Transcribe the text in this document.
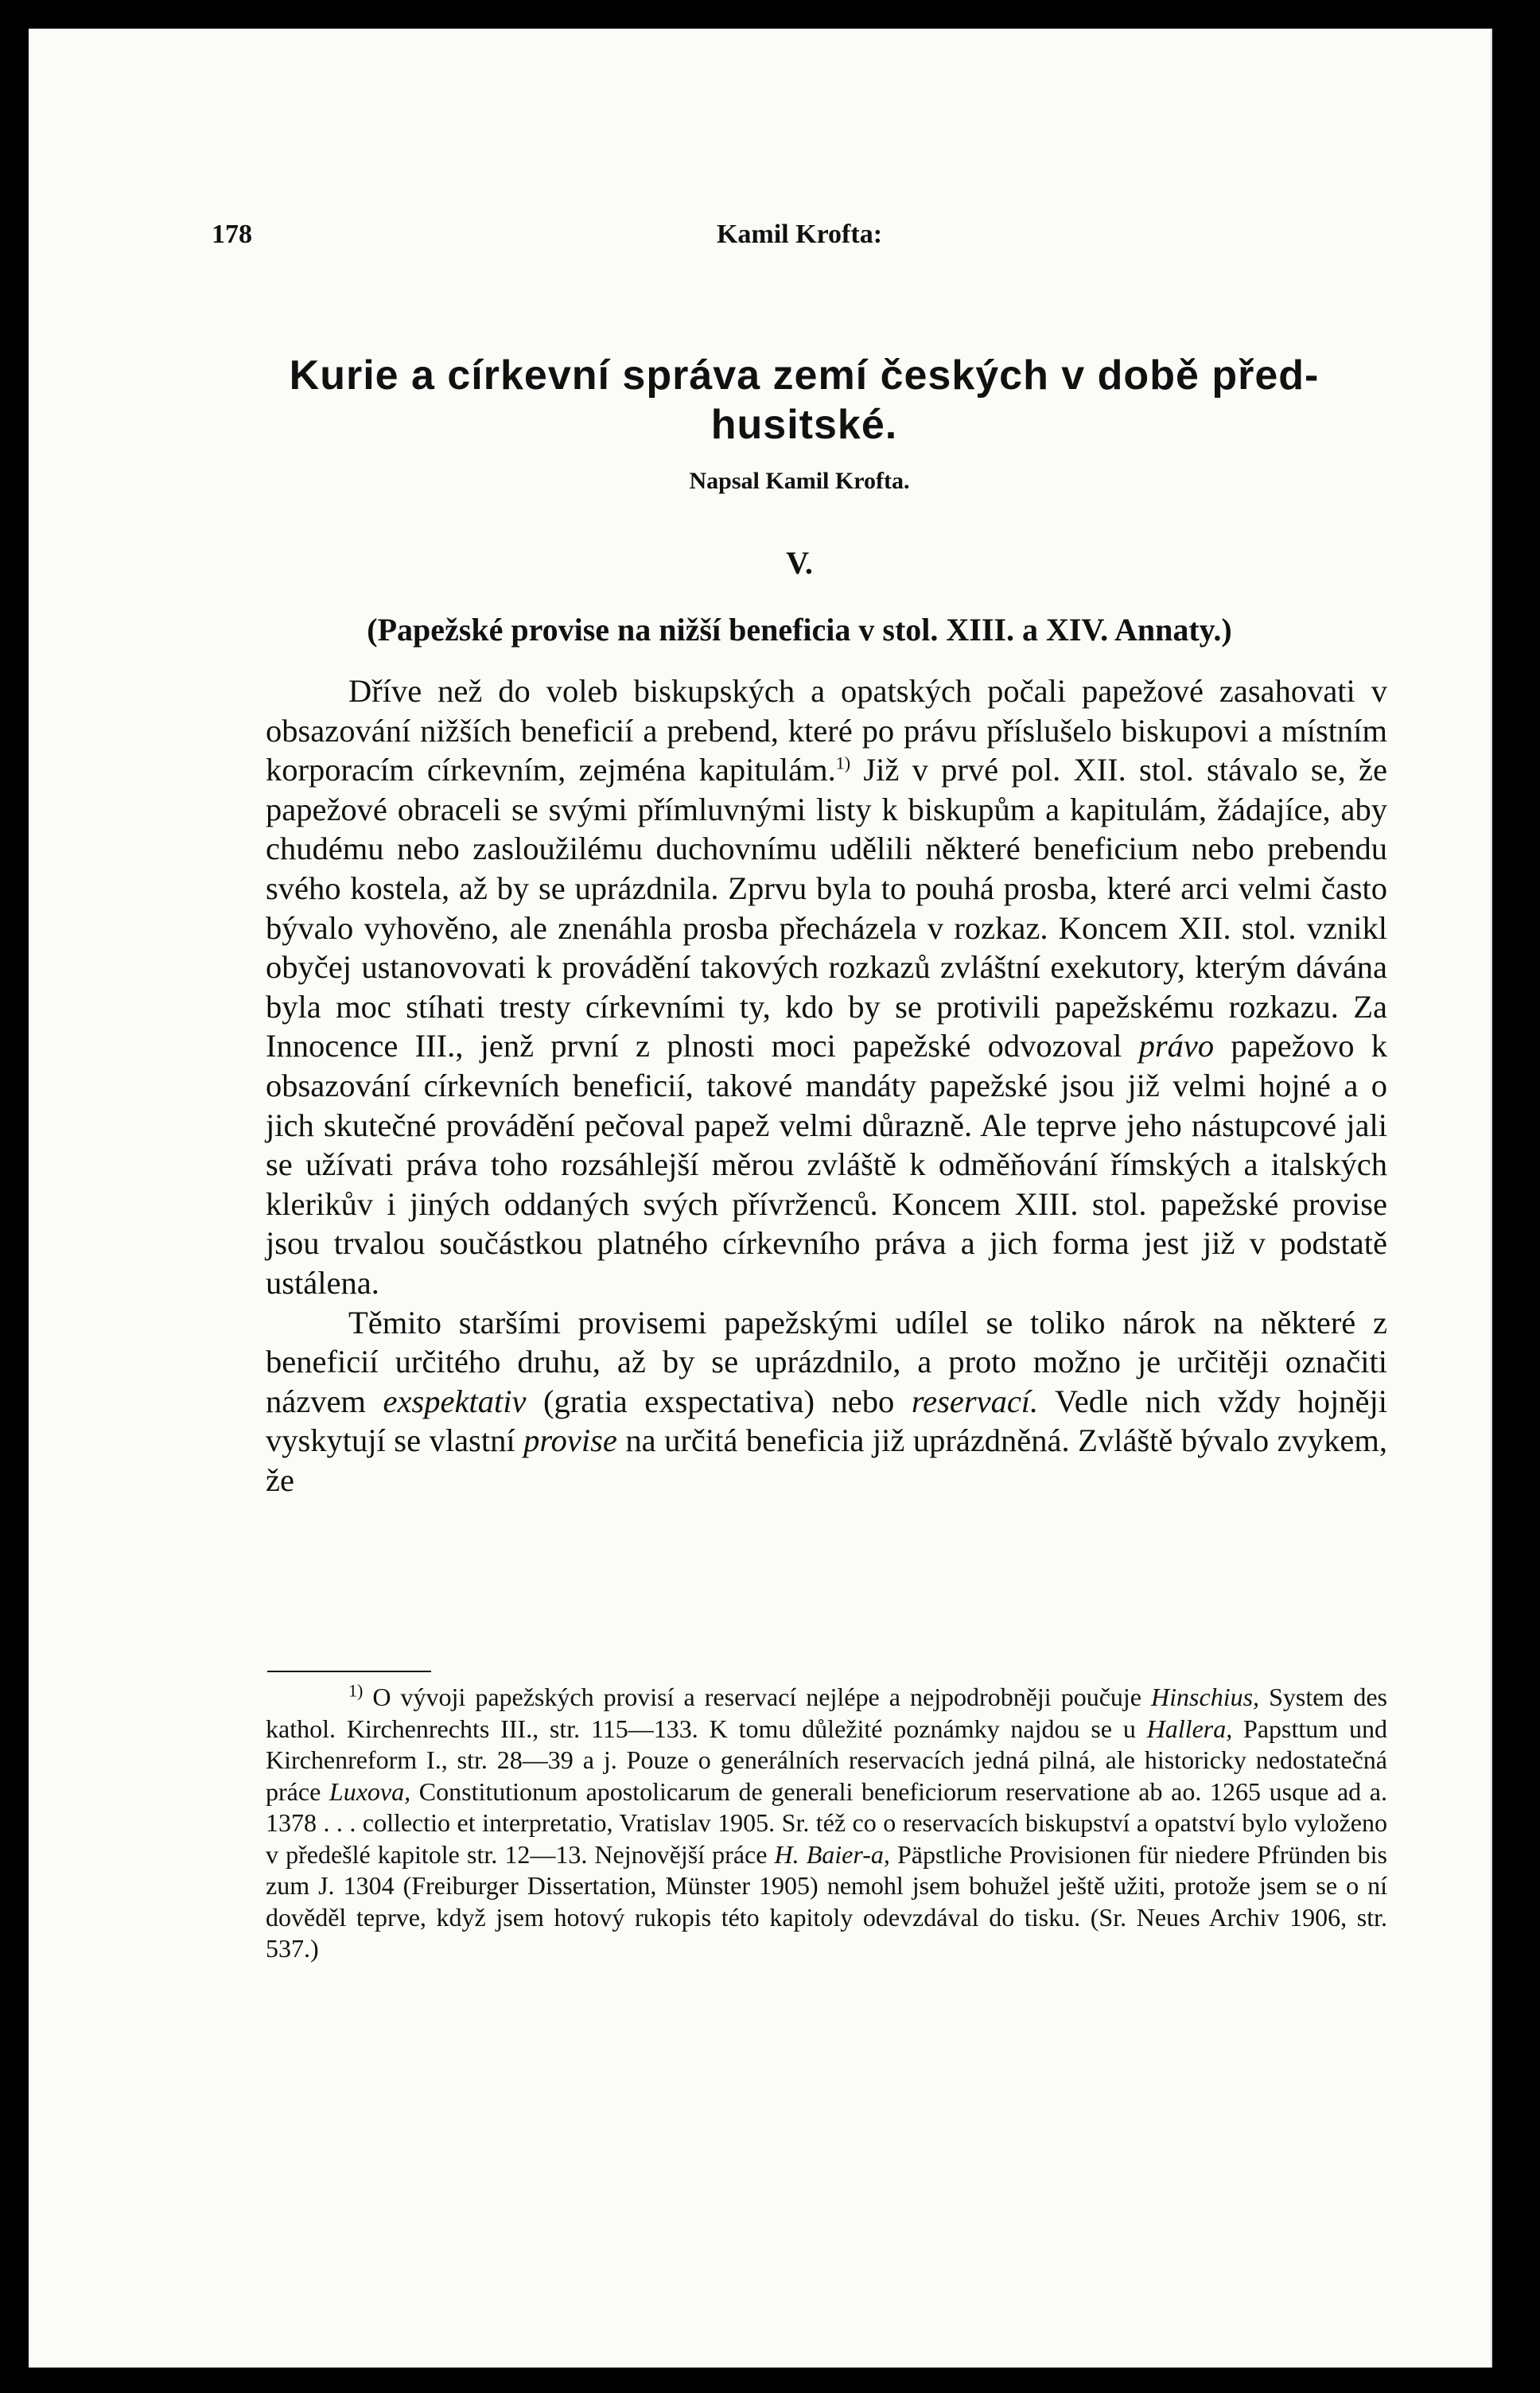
178	Kamil Krofta:
Kurie a církevní správa zemí českých v době před-husitské.
Napsal Kamil Krofta.
V.
(Papežské provise na nižší beneficia v stol. XIII. a XIV. Annaty.)

Dříve než do voleb biskupských a opatských počali papežové zasahovati v obsazování nižších beneficií a prebend, které po právu příslušelo biskupovi a místním korporacím církevním, zejména kapitulám.$^{1)}$ Již v prvé pol. XII. stol. stávalo se, že papežové obraceli se svými přímluvnými listy k biskupům a kapitulám, žádajíce, aby chudému nebo zasloužilému duchovnímu udělili některé beneficium nebo prebendu svého kostela, až by se uprázdnila. Zprvu byla to pouhá prosba, které arci velmi často bývalo vyhověno, ale znenáhla prosba přecházela v rozkaz. Koncem XII. stol. vznikl obyčej ustanovovati k provádění takových rozkazů zvláštní exekutory, kterým dávána byla moc stíhati tresty církevními ty, kdo by se protivili papežskému rozkazu. Za Innocence III., jenž první z plnosti moci papežské odvozoval právo papežovo k obsazování církevních beneficií, takové mandáty papežské jsou již velmi hojné a o jich skutečné provádění pečoval papež velmi důrazně. Ale teprve jeho nástupcové jali se užívati práva toho rozsáhlejší měrou zvláště k odměňování římských a italských klerikův i jiných oddaných svých přívrženců. Koncem XIII. stol. papežské provise jsou trvalou součástkou platného církevního práva a jich forma jest již v podstatě ustálena.

Těmito staršími provisemi papežskými udílel se toliko nárok na některé z beneficií určitého druhu, až by se uprázdnilo, a proto možno je určitěji označiti názvem exspektativ (gratia exspectativa) nebo reservací. Vedle nich vždy hojněji vyskytují se vlastní provise na určitá beneficia již uprázdněná. Zvláště bývalo zvykem, že

$^{1)}$ O vývoji papežských provisí a reservací nejlépe a nejpodrobněji poučuje Hinschius, System des kathol. Kirchenrechts III., str. 115—133. K tomu důležité poznámky najdou se u Hallera, Papsttum und Kirchenreform I., str. 28—39 a j. Pouze o generálních reservacích jedná pilná, ale historicky nedostatečná práce Luxova, Constitutionum apostolicarum de generali beneficiorum reservatione ab ao. 1265 usque ad a. 1378 . . . collectio et interpretatio, Vratislav 1905. Sr. též co o reservacích biskupství a opatství bylo vyloženo v předešlé kapitole str. 12—13. Nejnovější práce H. Baier-a, Päpstliche Provisionen für niedere Pfründen bis zum J. 1304 (Freiburger Dissertation, Münster 1905) nemohl jsem bohužel ještě užiti, protože jsem se o ní dověděl teprve, když jsem hotový rukopis této kapitoly odevzdával do tisku. (Sr. Neues Archiv 1906, str. 537.)
